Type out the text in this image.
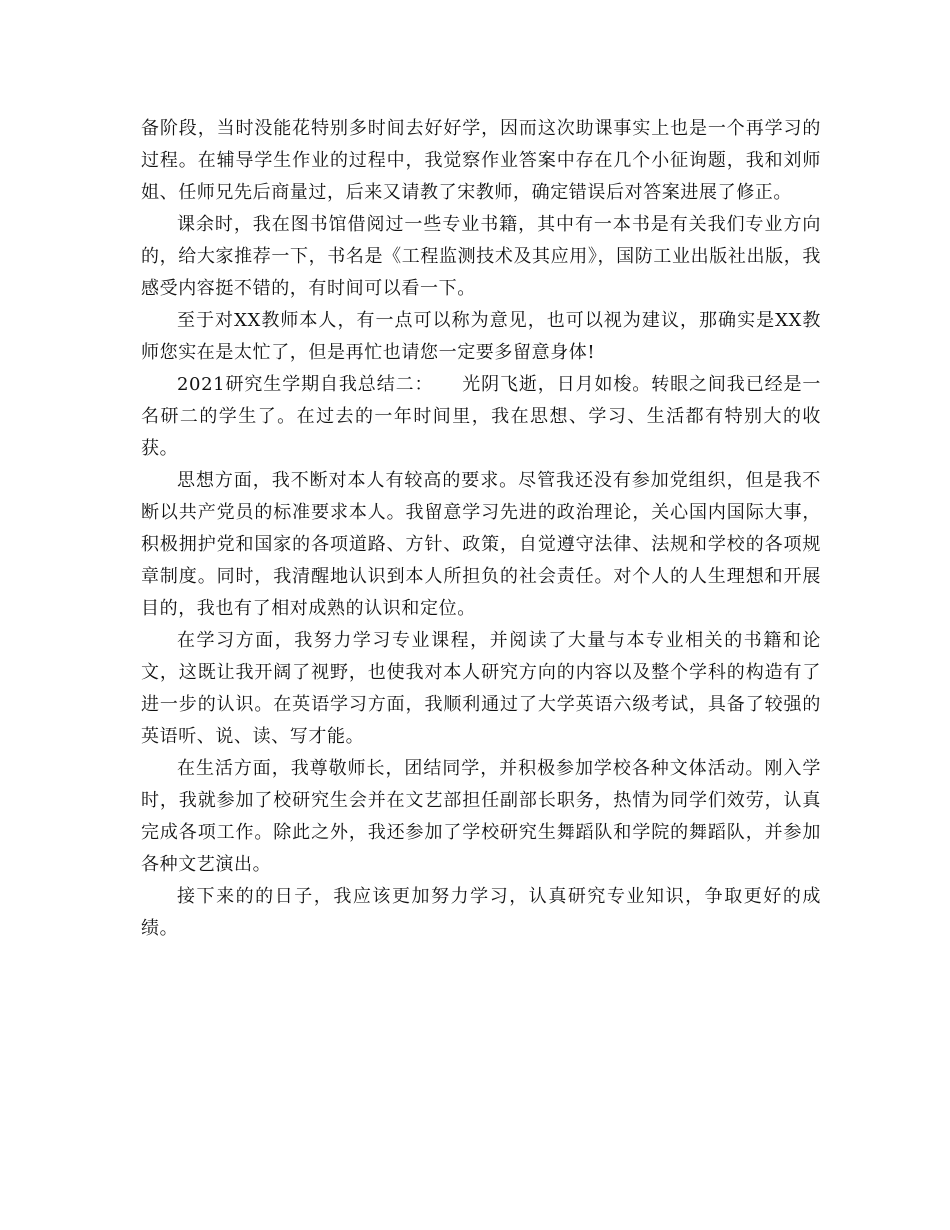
备阶段，当时没能花特别多时间去好好学，因而这次助课事实上也是一个再学习的过程。在辅导学生作业的过程中，我觉察作业答案中存在几个小征询题，我和刘师姐、任师兄先后商量过，后来又请教了宋教师，确定错误后对答案进展了修正。

课余时，我在图书馆借阅过一些专业书籍，其中有一本书是有关我们专业方向的，给大家推荐一下，书名是《工程监测技术及其应用》，国防工业出版社出版，我感受内容挺不错的，有时间可以看一下。

至于对XX教师本人，有一点可以称为意见，也可以视为建议，那确实是XX教师您实在是太忙了，但是再忙也请您一定要多留意身体!

2021研究生学期自我总结二：　　光阴飞逝，日月如梭。转眼之间我已经是一名研二的学生了。在过去的一年时间里，我在思想、学习、生活都有特别大的收获。

思想方面，我不断对本人有较高的要求。尽管我还没有参加党组织，但是我不断以共产党员的标准要求本人。我留意学习先进的政治理论，关心国内国际大事，积极拥护党和国家的各项道路、方针、政策，自觉遵守法律、法规和学校的各项规章制度。同时，我清醒地认识到本人所担负的社会责任。对个人的人生理想和开展目的，我也有了相对成熟的认识和定位。

在学习方面，我努力学习专业课程，并阅读了大量与本专业相关的书籍和论文，这既让我开阔了视野，也使我对本人研究方向的内容以及整个学科的构造有了进一步的认识。在英语学习方面，我顺利通过了大学英语六级考试，具备了较强的英语听、说、读、写才能。

在生活方面，我尊敬师长，团结同学，并积极参加学校各种文体活动。刚入学时，我就参加了校研究生会并在文艺部担任副部长职务，热情为同学们效劳，认真完成各项工作。除此之外，我还参加了学校研究生舞蹈队和学院的舞蹈队，并参加各种文艺演出。

接下来的的日子，我应该更加努力学习，认真研究专业知识，争取更好的成绩。
